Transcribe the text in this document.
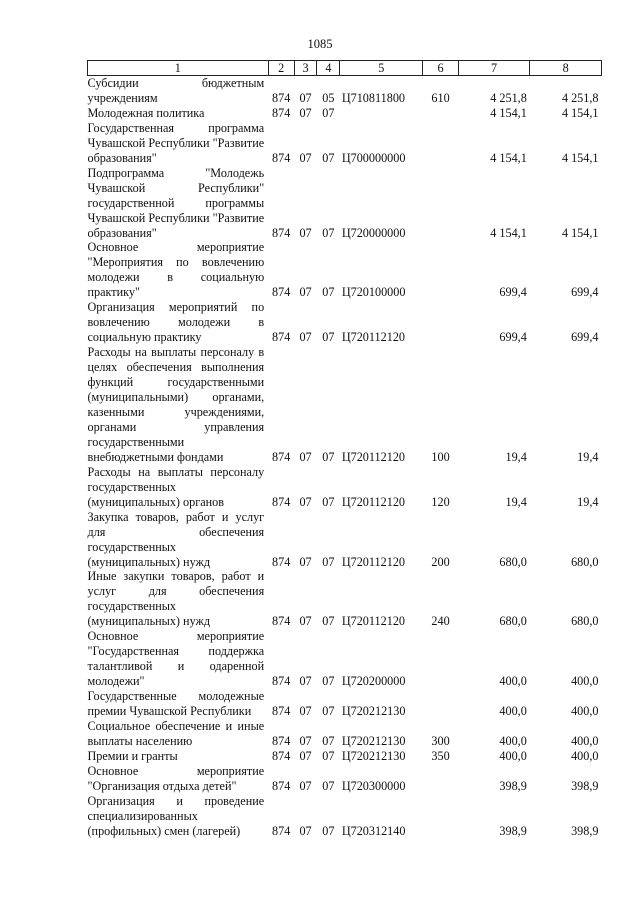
1085
1	2	3	4	5	6	7	8
Субсидии бюджетным учреждениям	874	07	05	Ц710811800	610	4 251,8	4 251,8
Молодежная политика	874	07	07			4 154,1	4 154,1
Государственная программа Чувашской Республики "Развитие образования"	874	07	07	Ц700000000		4 154,1	4 154,1
Подпрограмма "Молодежь Чувашской Республики" государственной программы Чувашской Республики "Развитие образования"	874	07	07	Ц720000000		4 154,1	4 154,1
Основное мероприятие "Мероприятия по вовлечению молодежи в социальную практику"	874	07	07	Ц720100000		699,4	699,4
Организация мероприятий по вовлечению молодежи в социальную практику	874	07	07	Ц720112120		699,4	699,4
Расходы на выплаты персоналу в целях обеспечения выполнения функций государственными (муниципальными) органами, казенными учреждениями, органами управления государственными внебюджетными фондами	874	07	07	Ц720112120	100	19,4	19,4
Расходы на выплаты персоналу государственных (муниципальных) органов	874	07	07	Ц720112120	120	19,4	19,4
Закупка товаров, работ и услуг для обеспечения государственных (муниципальных) нужд	874	07	07	Ц720112120	200	680,0	680,0
Иные закупки товаров, работ и услуг для обеспечения государственных (муниципальных) нужд	874	07	07	Ц720112120	240	680,0	680,0
Основное мероприятие "Государственная поддержка талантливой и одаренной молодежи"	874	07	07	Ц720200000		400,0	400,0
Государственные молодежные премии Чувашской Республики	874	07	07	Ц720212130		400,0	400,0
Социальное обеспечение и иные выплаты населению	874	07	07	Ц720212130	300	400,0	400,0
Премии и гранты	874	07	07	Ц720212130	350	400,0	400,0
Основное мероприятие "Организация отдыха детей"	874	07	07	Ц720300000		398,9	398,9
Организация и проведение специализированных (профильных) смен (лагерей)	874	07	07	Ц720312140		398,9	398,9
